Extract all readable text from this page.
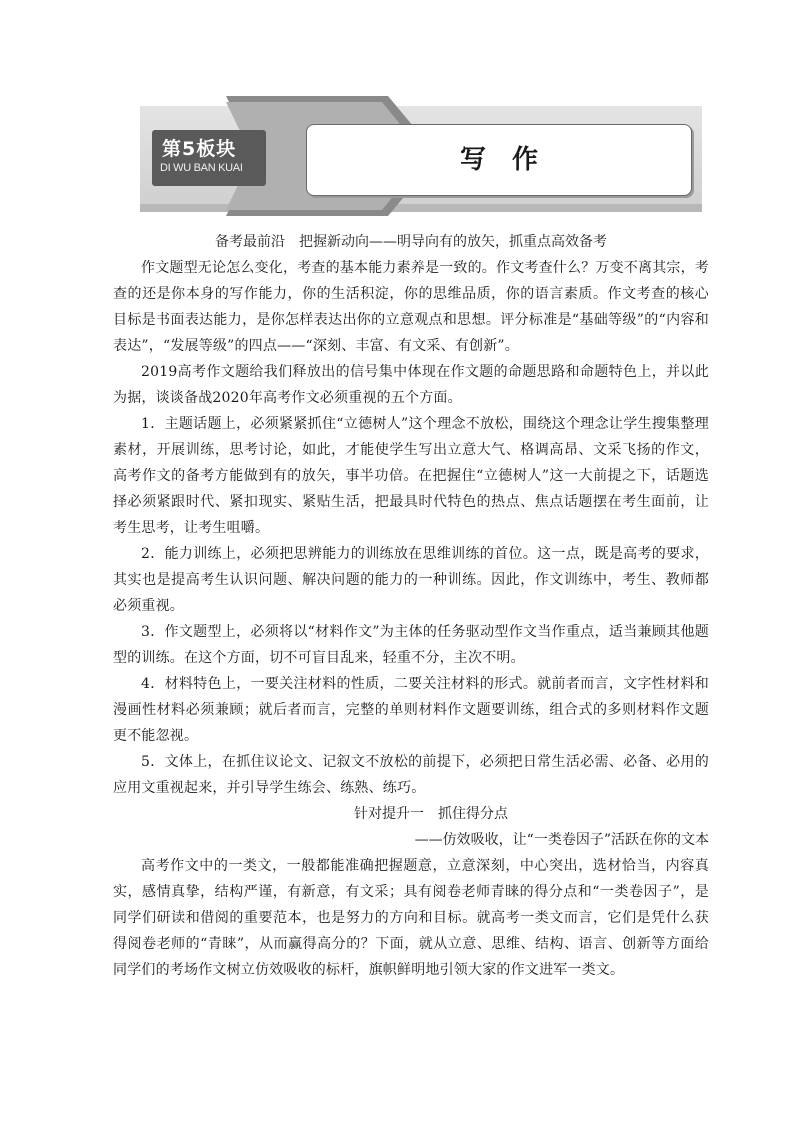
第5板块
DI WU BAN KUAI	写作

备考最前沿　把握新动向——明导向有的放矢，抓重点高效备考

作文题型无论怎么变化，考查的基本能力素养是一致的。作文考查什么？万变不离其宗，考查的还是你本身的写作能力，你的生活积淀，你的思维品质，你的语言素质。作文考查的核心目标是书面表达能力，是你怎样表达出你的立意观点和思想。评分标准是“基础等级”的“内容和表达”，“发展等级”的四点——“深刻、丰富、有文采、有创新”。

2019高考作文题给我们释放出的信号集中体现在作文题的命题思路和命题特色上，并以此为据，谈谈备战2020年高考作文必须重视的五个方面。

1．主题话题上，必须紧紧抓住“立德树人”这个理念不放松，围绕这个理念让学生搜集整理素材，开展训练，思考讨论，如此，才能使学生写出立意大气、格调高昂、文采飞扬的作文，高考作文的备考方能做到有的放矢，事半功倍。在把握住“立德树人”这一大前提之下，话题选择必须紧跟时代、紧扣现实、紧贴生活，把最具时代特色的热点、焦点话题摆在考生面前，让考生思考，让考生咀嚼。

2．能力训练上，必须把思辨能力的训练放在思维训练的首位。这一点，既是高考的要求，其实也是提高考生认识问题、解决问题的能力的一种训练。因此，作文训练中，考生、教师都必须重视。

3．作文题型上，必须将以“材料作文”为主体的任务驱动型作文当作重点，适当兼顾其他题型的训练。在这个方面，切不可盲目乱来，轻重不分，主次不明。

4．材料特色上，一要关注材料的性质，二要关注材料的形式。就前者而言，文字性材料和漫画性材料必须兼顾；就后者而言，完整的单则材料作文题要训练，组合式的多则材料作文题更不能忽视。

5．文体上，在抓住议论文、记叙文不放松的前提下，必须把日常生活必需、必备、必用的应用文重视起来，并引导学生练会、练熟、练巧。

针对提升一　抓住得分点

——仿效吸收，让“一类卷因子”活跃在你的文本

高考作文中的一类文，一般都能准确把握题意，立意深刻，中心突出，选材恰当，内容真实，感情真挚，结构严谨，有新意，有文采；具有阅卷老师青睐的得分点和“一类卷因子”，是同学们研读和借阅的重要范本，也是努力的方向和目标。就高考一类文而言，它们是凭什么获得阅卷老师的“青睐”，从而赢得高分的？下面，就从立意、思维、结构、语言、创新等方面给同学们的考场作文树立仿效吸收的标杆，旗帜鲜明地引领大家的作文进军一类文。
